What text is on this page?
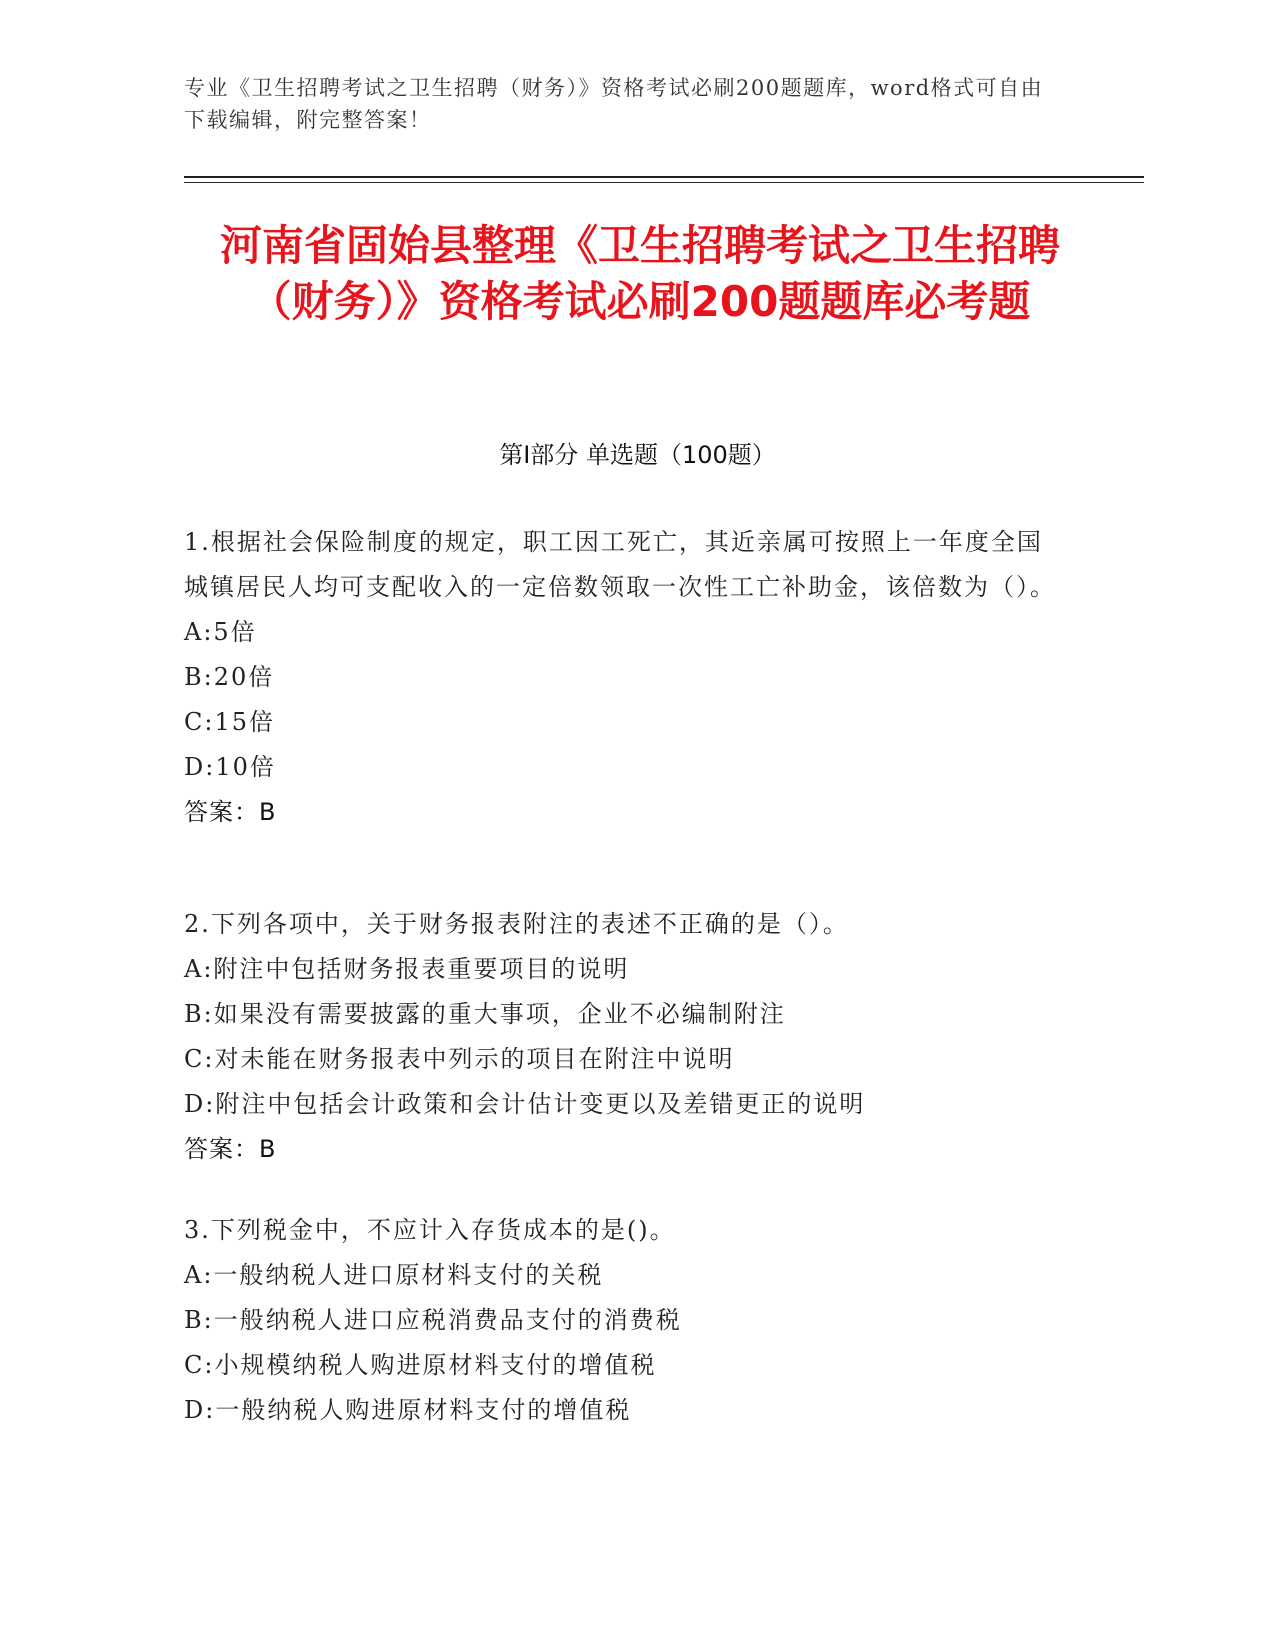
专业《卫生招聘考试之卫生招聘（财务）》资格考试必刷200题题库，word格式可自由下载编辑，附完整答案！
河南省固始县整理《卫生招聘考试之卫生招聘（财务）》资格考试必刷200题题库必考题
第Ⅰ部分 单选题（100题）
1.根据社会保险制度的规定，职工因工死亡，其近亲属可按照上一年度全国城镇居民人均可支配收入的一定倍数领取一次性工亡补助金，该倍数为（）。
A:5倍
B:20倍
C:15倍
D:10倍
答案：B
2.下列各项中，关于财务报表附注的表述不正确的是（）。
A:附注中包括财务报表重要项目的说明
B:如果没有需要披露的重大事项，企业不必编制附注
C:对未能在财务报表中列示的项目在附注中说明
D:附注中包括会计政策和会计估计变更以及差错更正的说明
答案：B
3.下列税金中，不应计入存货成本的是()。
A:一般纳税人进口原材料支付的关税
B:一般纳税人进口应税消费品支付的消费税
C:小规模纳税人购进原材料支付的增值税
D:一般纳税人购进原材料支付的增值税
